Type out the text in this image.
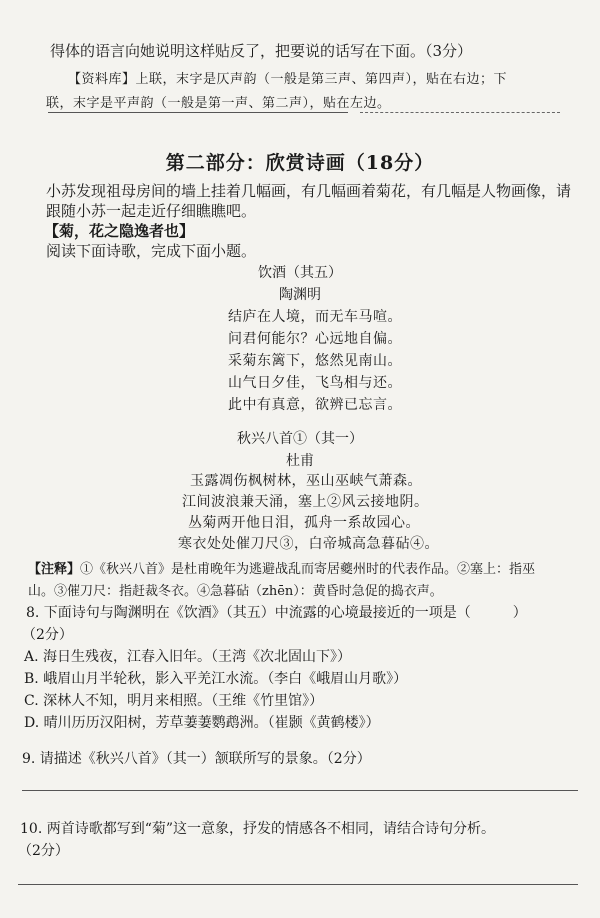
得体的语言向她说明这样贴反了，把要说的话写在下面。（3分）
【资料库】上联，末字是仄声韵（一般是第三声、第四声），贴在右边；下
联，末字是平声韵（一般是第一声、第二声），贴在左边。
第二部分：欣赏诗画（18分）
小苏发现祖母房间的墙上挂着几幅画，有几幅画着菊花，有几幅是人物画像，请
跟随小苏一起走近仔细瞧瞧吧。
【菊，花之隐逸者也】
阅读下面诗歌，完成下面小题。
饮酒（其五）
陶渊明
结庐在人境，而无车马喧。
问君何能尔？心远地自偏。
采菊东篱下，悠然见南山。
山气日夕佳，飞鸟相与还。
此中有真意，欲辨已忘言。
秋兴八首①（其一）
杜甫
玉露凋伤枫树林，巫山巫峡气萧森。
江间波浪兼天涌，塞上②风云接地阴。
丛菊两开他日泪，孤舟一系故园心。
寒衣处处催刀尺③，白帝城高急暮砧④。
【注释】①《秋兴八首》是杜甫晚年为逃避战乱而寄居夔州时的代表作品。②塞上：指巫
山。③催刀尺：指赶裁冬衣。④急暮砧（zhēn）：黄昏时急促的捣衣声。
8. 下面诗句与陶渊明在《饮酒》（其五）中流露的心境最接近的一项是（　　　）
（2分）
A. 海日生残夜，江春入旧年。（王湾《次北固山下》）
B. 峨眉山月半轮秋，影入平羌江水流。（李白《峨眉山月歌》）
C. 深林人不知，明月来相照。（王维《竹里馆》）
D. 晴川历历汉阳树，芳草萋萋鹦鹉洲。（崔颢《黄鹤楼》）
9. 请描述《秋兴八首》（其一）颔联所写的景象。（2分）
10. 两首诗歌都写到“菊”这一意象，抒发的情感各不相同，请结合诗句分析。
（2分）
